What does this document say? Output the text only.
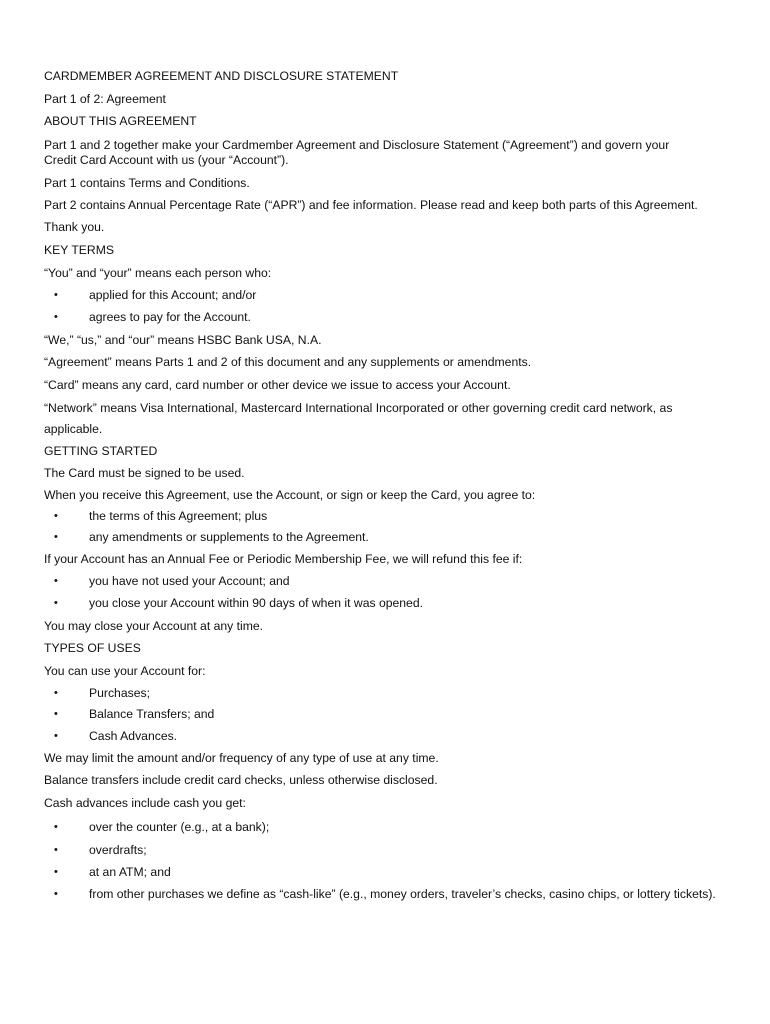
CARDMEMBER AGREEMENT AND DISCLOSURE STATEMENT
Part 1 of 2: Agreement
ABOUT THIS AGREEMENT
Part 1 and 2 together make your Cardmember Agreement and Disclosure Statement (“Agreement”) and govern your
Credit Card Account with us (your “Account”).
Part 1 contains Terms and Conditions.
Part 2 contains Annual Percentage Rate (“APR”) and fee information. Please read and keep both parts of this Agreement.
Thank you.
KEY TERMS
“You” and “your” means each person who:
•	applied for this Account; and/or
•	agrees to pay for the Account.
“We,” “us,” and “our” means HSBC Bank USA, N.A.
“Agreement” means Parts 1 and 2 of this document and any supplements or amendments.
“Card” means any card, card number or other device we issue to access your Account.
“Network” means Visa International, Mastercard International Incorporated or other governing credit card network, as
applicable.
GETTING STARTED
The Card must be signed to be used.
When you receive this Agreement, use the Account, or sign or keep the Card, you agree to:
•	the terms of this Agreement; plus
•	any amendments or supplements to the Agreement.
If your Account has an Annual Fee or Periodic Membership Fee, we will refund this fee if:
•	you have not used your Account; and
•	you close your Account within 90 days of when it was opened.
You may close your Account at any time.
TYPES OF USES
You can use your Account for:
•	Purchases;
•	Balance Transfers; and
•	Cash Advances.
We may limit the amount and/or frequency of any type of use at any time.
Balance transfers include credit card checks, unless otherwise disclosed.
Cash advances include cash you get:
•	over the counter (e.g., at a bank);
•	overdrafts;
•	at an ATM; and
•	from other purchases we define as “cash-like” (e.g., money orders, traveler’s checks, casino chips, or lottery tickets).
